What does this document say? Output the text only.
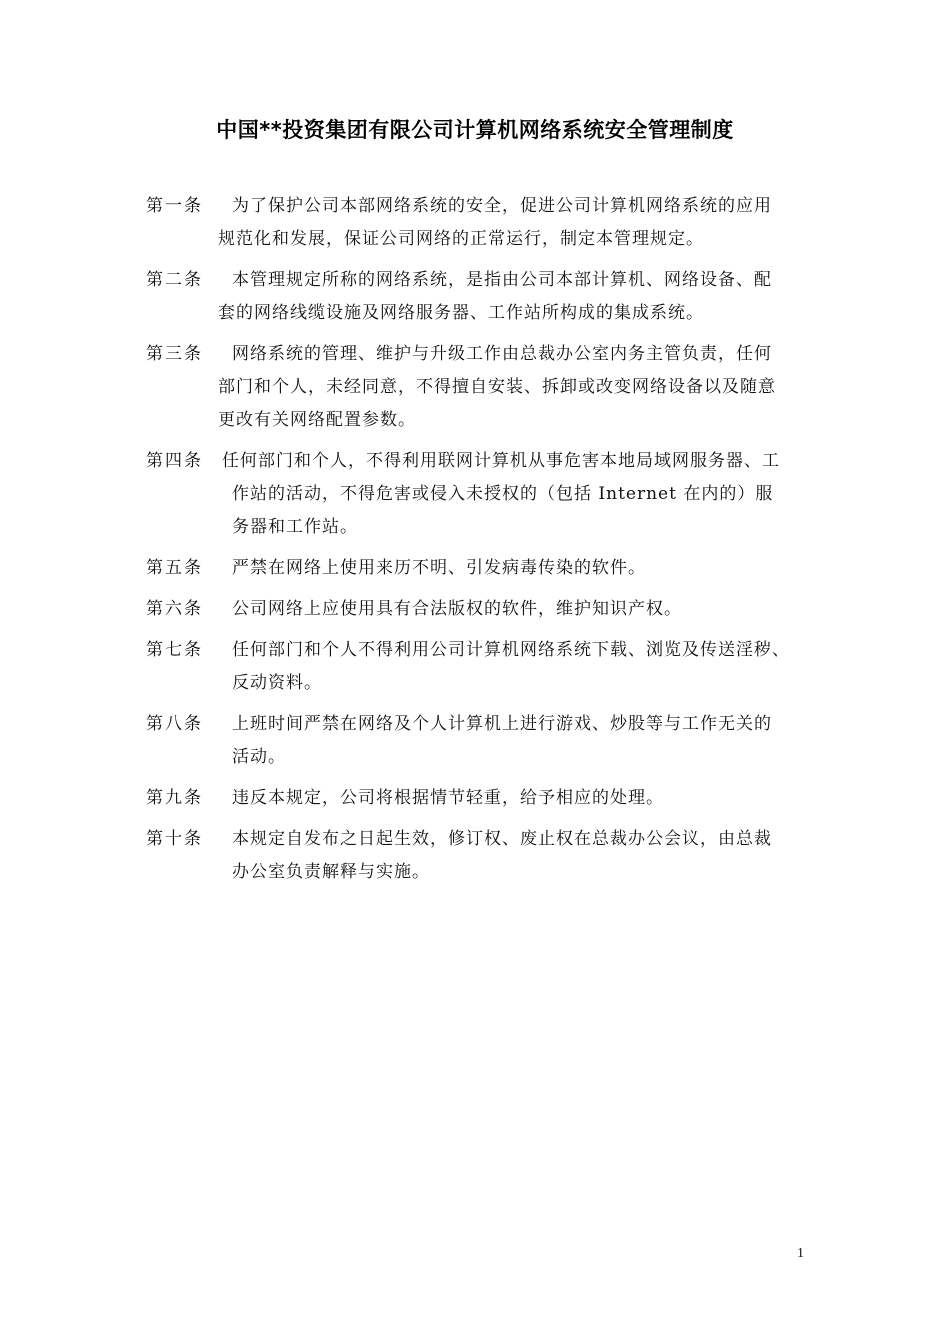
中国**投资集团有限公司计算机网络系统安全管理制度
第一条	为了保护公司本部网络系统的安全，促进公司计算机网络系统的应用
规范化和发展，保证公司网络的正常运行，制定本管理规定。
第二条	本管理规定所称的网络系统，是指由公司本部计算机、网络设备、配
套的网络线缆设施及网络服务器、工作站所构成的集成系统。
第三条	网络系统的管理、维护与升级工作由总裁办公室内务主管负责，任何
部门和个人，未经同意，不得擅自安装、拆卸或改变网络设备以及随意
更改有关网络配置参数。
第四条	任何部门和个人，不得利用联网计算机从事危害本地局域网服务器、工
作站的活动，不得危害或侵入未授权的（包括 Internet 在内的）服
务器和工作站。
第五条	严禁在网络上使用来历不明、引发病毒传染的软件。
第六条	公司网络上应使用具有合法版权的软件，维护知识产权。
第七条	任何部门和个人不得利用公司计算机网络系统下载、浏览及传送淫秽、
反动资料。
第八条	上班时间严禁在网络及个人计算机上进行游戏、炒股等与工作无关的
活动。
第九条	违反本规定，公司将根据情节轻重，给予相应的处理。
第十条	本规定自发布之日起生效，修订权、废止权在总裁办公会议，由总裁
办公室负责解释与实施。
1
